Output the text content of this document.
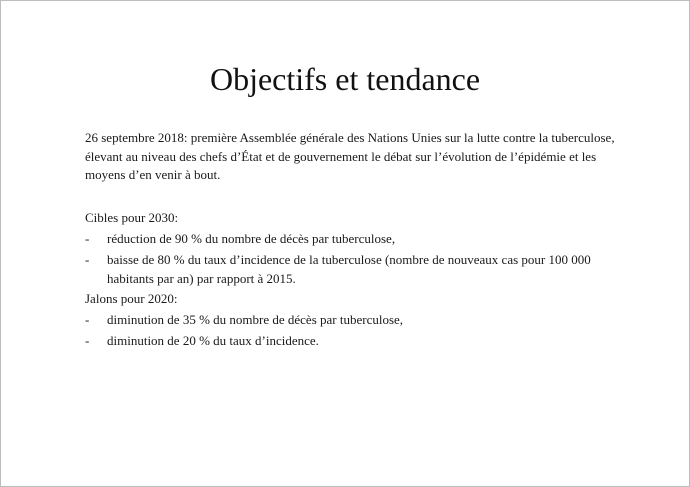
Objectifs et tendance

26 septembre 2018: première Assemblée générale des Nations Unies sur la lutte contre la tuberculose, élevant au niveau des chefs d’État et de gouvernement le débat sur l’évolution de l’épidémie et les moyens d’en venir à bout.

Cibles pour 2030:

- réduction de 90 % du nombre de décès par tuberculose,
- baisse de 80 % du taux d’incidence de la tuberculose (nombre de nouveaux cas pour 100 000 habitants par an) par rapport à 2015.

Jalons pour 2020:

- diminution de 35 % du nombre de décès par tuberculose,
- diminution de 20 % du taux d’incidence.
